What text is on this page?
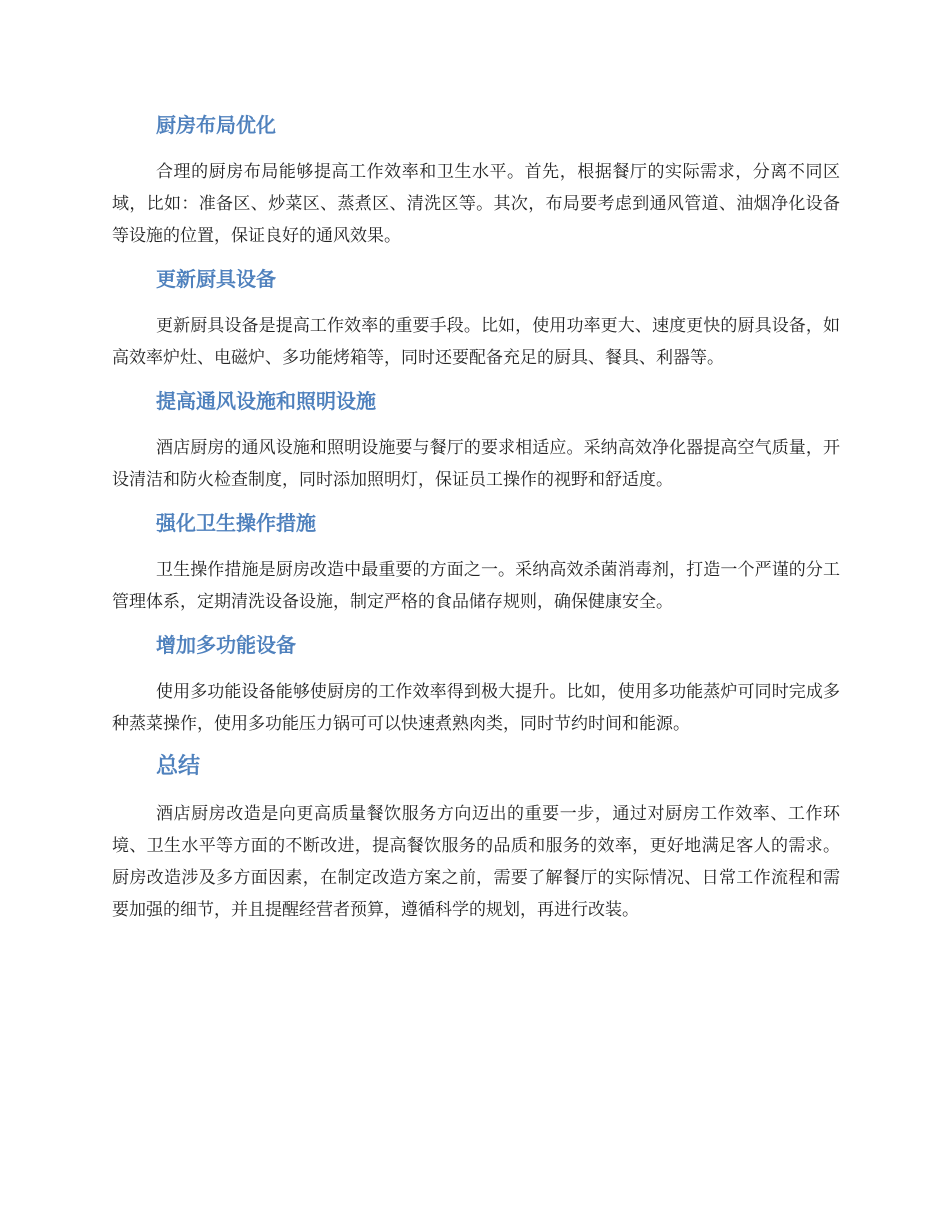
厨房布局优化

合理的厨房布局能够提高工作效率和卫生水平。首先，根据餐厅的实际需求，分离不同区域，比如：准备区、炒菜区、蒸煮区、清洗区等。其次，布局要考虑到通风管道、油烟净化设备等设施的位置，保证良好的通风效果。

更新厨具设备

更新厨具设备是提高工作效率的重要手段。比如，使用功率更大、速度更快的厨具设备，如高效率炉灶、电磁炉、多功能烤箱等，同时还要配备充足的厨具、餐具、利器等。

提高通风设施和照明设施

酒店厨房的通风设施和照明设施要与餐厅的要求相适应。采纳高效净化器提高空气质量，开设清洁和防火检查制度，同时添加照明灯，保证员工操作的视野和舒适度。

强化卫生操作措施

卫生操作措施是厨房改造中最重要的方面之一。采纳高效杀菌消毒剂，打造一个严谨的分工管理体系，定期清洗设备设施，制定严格的食品储存规则，确保健康安全。

增加多功能设备

使用多功能设备能够使厨房的工作效率得到极大提升。比如，使用多功能蒸炉可同时完成多种蒸菜操作，使用多功能压力锅可可以快速煮熟肉类，同时节约时间和能源。

总结

酒店厨房改造是向更高质量餐饮服务方向迈出的重要一步，通过对厨房工作效率、工作环境、卫生水平等方面的不断改进，提高餐饮服务的品质和服务的效率，更好地满足客人的需求。厨房改造涉及多方面因素，在制定改造方案之前，需要了解餐厅的实际情况、日常工作流程和需要加强的细节，并且提醒经营者预算，遵循科学的规划，再进行改装。
